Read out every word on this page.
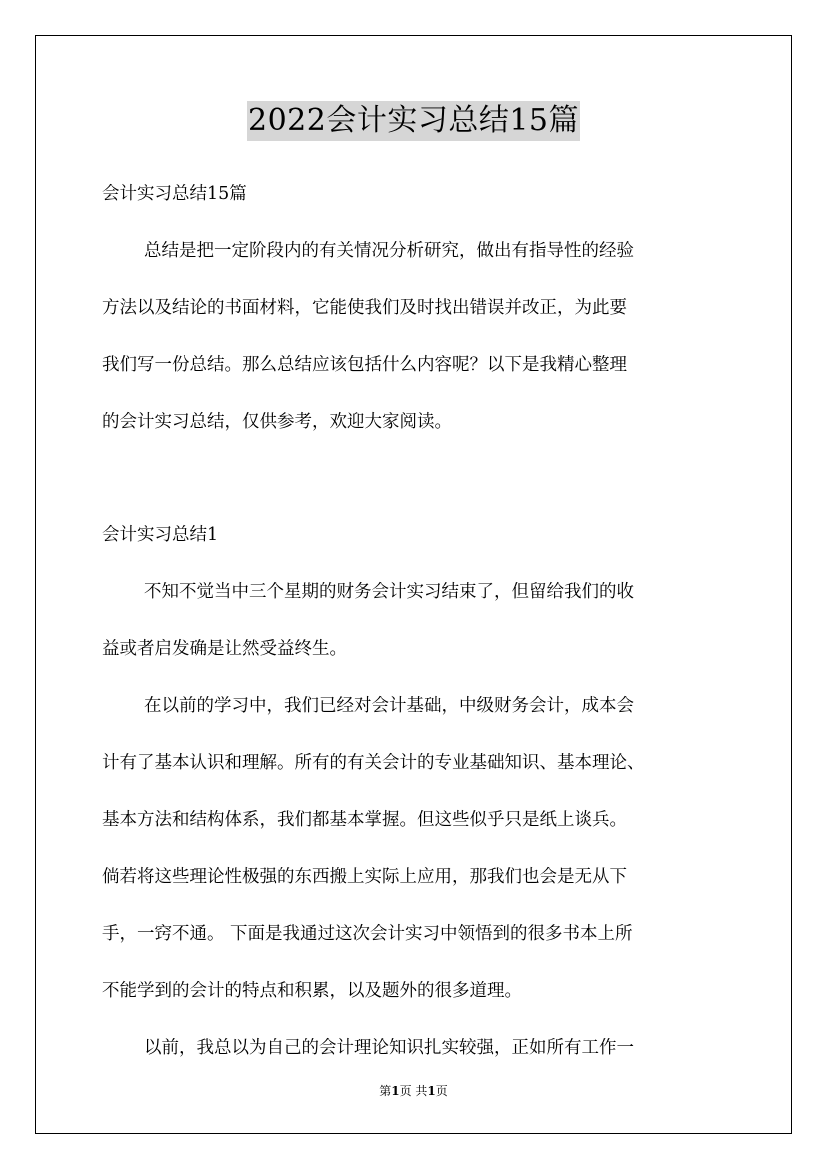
2022会计实习总结15篇
会计实习总结15篇
总结是把一定阶段内的有关情况分析研究，做出有指导性的经验
方法以及结论的书面材料，它能使我们及时找出错误并改正，为此要
我们写一份总结。那么总结应该包括什么内容呢？以下是我精心整理
的会计实习总结，仅供参考，欢迎大家阅读。
会计实习总结1
不知不觉当中三个星期的财务会计实习结束了，但留给我们的收
益或者启发确是让然受益终生。
在以前的学习中，我们已经对会计基础，中级财务会计，成本会
计有了基本认识和理解。所有的有关会计的专业基础知识、基本理论、
基本方法和结构体系，我们都基本掌握。但这些似乎只是纸上谈兵。
倘若将这些理论性极强的东西搬上实际上应用，那我们也会是无从下
手，一窍不通。 下面是我通过这次会计实习中领悟到的很多书本上所
不能学到的会计的特点和积累，以及题外的很多道理。
以前，我总以为自己的会计理论知识扎实较强，正如所有工作一
第1页 共1页
